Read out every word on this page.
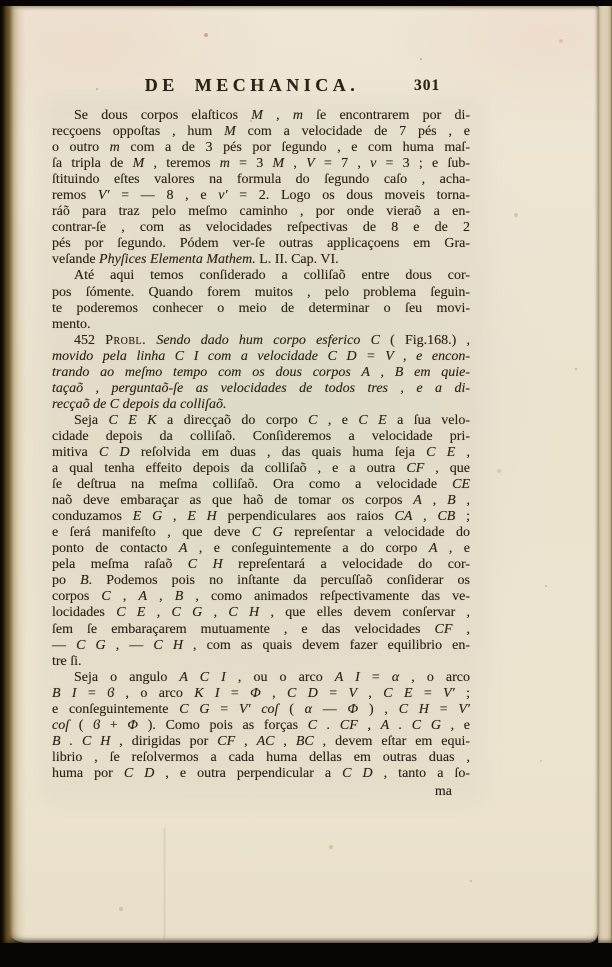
DE MECHANICA.	301
Se dous corpos elaſticos M , m ſe encontrarem por di-
recçoens oppoſtas , hum M com a velocidade de 7 pés , e
o outro m com a de 3 pés por ſegundo , e com huma maſ-
ſa tripla de M , teremos m = 3 M , V = 7 , v = 3 ; e ſub-
ſtituindo eſtes valores na formula do ſegundo caſo , acha-
remos V′ = — 8 , e v′ = 2. Logo os dous moveis torna-
ráõ para traz pelo meſmo caminho , por onde vieraõ a en-
contrar-ſe , com as velocidades reſpectivas de 8 e de 2
pés por ſegundo. Pódem ver-ſe outras applicaçoens em Gra-
veſande Phyſices Elementa Mathem. L. II. Cap. VI.
Até aqui temos conſiderado a colliſaõ entre dous cor-
pos ſómente. Quando forem muitos , pelo problema ſeguin-
te poderemos conhecer o meio de determinar o ſeu movi-
mento.
452 Probl. Sendo dado hum corpo esferico C ( Fig.168.) ,
movido pela linha C I com a velocidade C D = V , e encon-
trando ao meſmo tempo com os dous corpos A , B em quie-
taçaõ , perguntaõ-ſe as velocidades de todos tres , e a di-
recçaõ de C depois da colliſaõ.
Seja C E K a direcçaõ do corpo C , e C E a ſua velo-
cidade depois da colliſaõ. Conſideremos a velocidade pri-
mitiva C D reſolvida em duas , das quais huma ſeja C E ,
a qual tenha effeito depois da colliſaõ , e a outra CF , que
ſe deſtrua na meſma colliſaõ. Ora como a velocidade CE
naõ deve embaraçar as que haõ de tomar os corpos A , B ,
conduzamos E G , E H perpendiculares aos raios CA , CB ;
e ſerá manifeſto , que deve C G repreſentar a velocidade do
ponto de contacto A , e conſeguintemente a do corpo A , e
pela meſma raſaõ C H repreſentará a velocidade do cor-
po B. Podemos pois no inſtante da percuſſaõ conſiderar os
corpos C , A , B , como animados reſpectivamente das ve-
locidades C E , C G , C H , que elles devem conſervar ,
ſem ſe embaraçarem mutuamente , e das velocidades CF ,
— C G , — C H , com as quais devem fazer equilibrio en-
tre ſi.
Seja o angulo A C I , ou o arco A I = α , o arco
B I = ϐ , o arco K I = Φ , C D = V , C E = V′ ;
e conſeguintemente C G = V′ coſ ( α — Φ ) , C H = V′
coſ ( ϐ + Φ ). Como pois as forças C . CF , A . C G , e
B . C H , dirigidas por CF , AC , BC , devem eſtar em equi-
librio , ſe reſolvermos a cada huma dellas em outras duas ,
huma por C D , e outra perpendicular a C D , tanto a ſo-
ma
